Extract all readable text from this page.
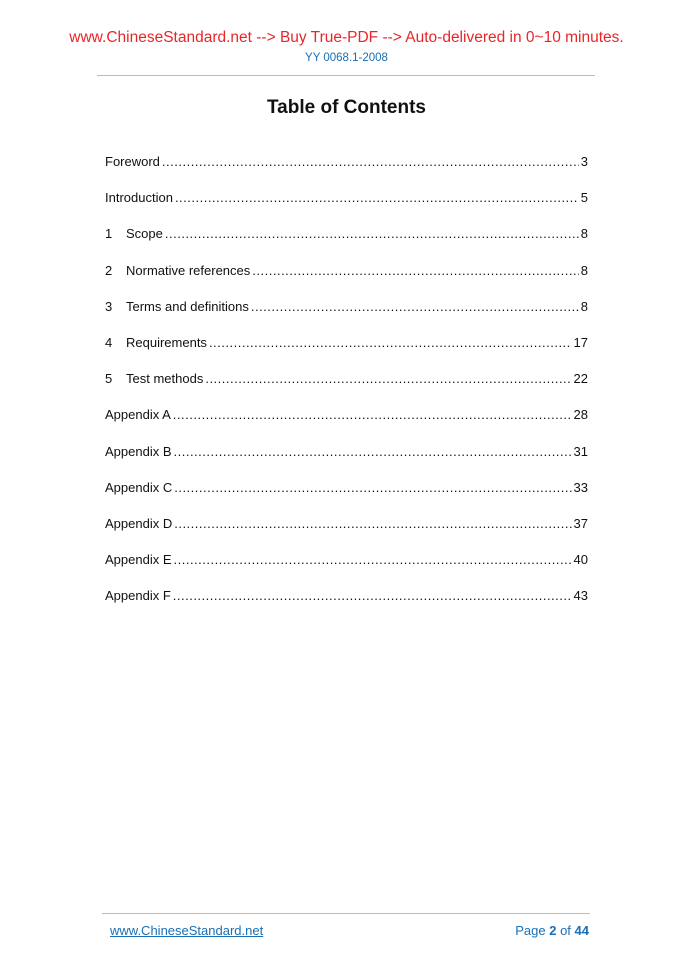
www.ChineseStandard.net --> Buy True-PDF --> Auto-delivered in 0~10 minutes.
YY 0068.1-2008
Table of Contents
Foreword .....	3
Introduction .....	5
1	Scope .....	8
2	Normative references .....	8
3	Terms and definitions .....	8
4	Requirements .....	17
5	Test methods .....	22
Appendix A .....	28
Appendix B .....	31
Appendix C .....	33
Appendix D .....	37
Appendix E .....	40
Appendix F .....	43
www.ChineseStandard.net	Page 2 of 44
